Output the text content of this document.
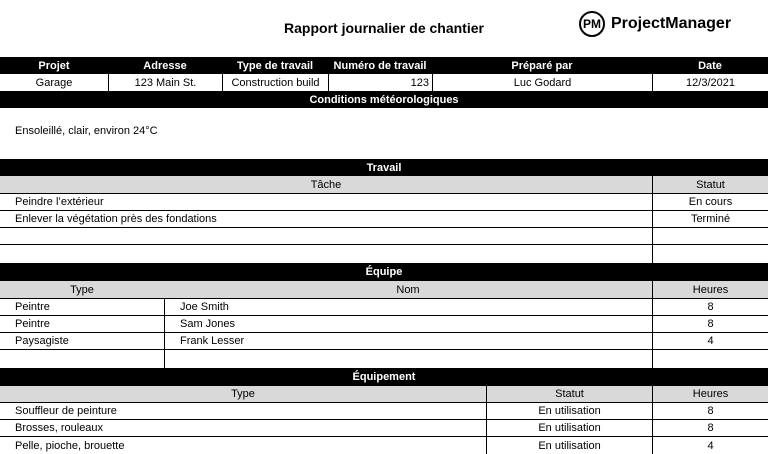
Rapport journalier de chantier	PM ProjectManager
Projet	Adresse	Type de travail	Numéro de travail	Préparé par	Date
Garage	123 Main St.	Construction build	123	Luc Godard	12/3/2021
Conditions météorologiques
Ensoleillé, clair, environ 24°C
Travail
Tâche	Statut
Peindre l’extérieur	En cours
Enlever la végétation près des fondations	Terminé
Équipe
Type	Nom	Heures
Peintre	Joe Smith	8
Peintre	Sam Jones	8
Paysagiste	Frank Lesser	4
Équipement
Type	Statut	Heures
Souffleur de peinture	En utilisation	8
Brosses, rouleaux	En utilisation	8
Pelle, pioche, brouette	En utilisation	4
